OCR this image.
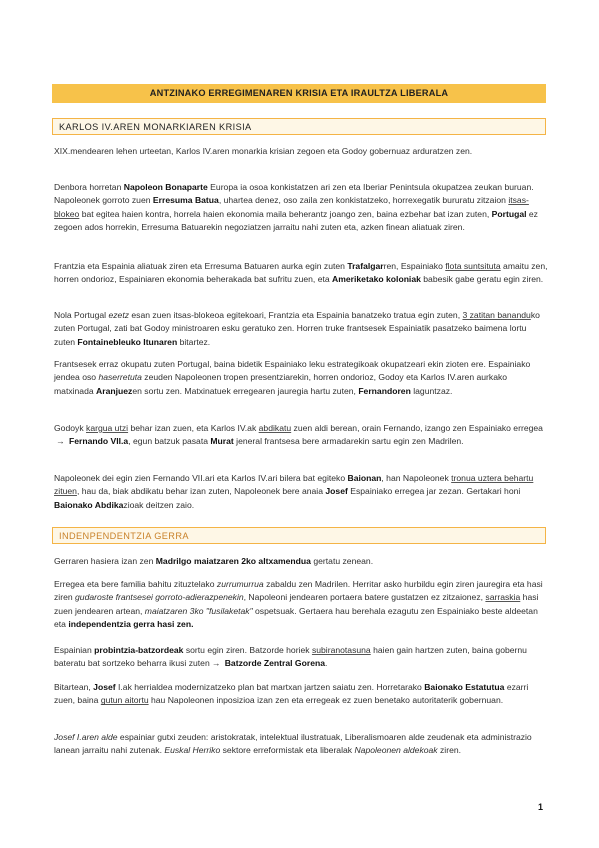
ANTZINAKO ERREGIMENAREN KRISIA ETA IRAULTZA LIBERALA
KARLOS IV.AREN MONARKIAREN KRISIA

XIX.mendearen lehen urteetan, Karlos IV.aren monarkia krisian zegoen eta Godoy gobernuaz arduratzen zen.

Denbora horretan Napoleon Bonaparte Europa ia osoa konkistatzen ari zen eta Iberiar Penintsula okupatzea zeukan buruan. Napoleonek gorroto zuen Erresuma Batua, uhartea denez, oso zaila zen konkistatzeko, horrexegatik bururatu zitzaion itsas-blokeo bat egitea haien kontra, horrela haien ekonomia maila beherantz joango zen, baina ezbehar bat izan zuten, Portugal ez zegoen ados horrekin, Erresuma Batuarekin negoziatzen jarraitu nahi zuten eta, azken finean aliatuak ziren.

Frantzia eta Espainia aliatuak ziren eta Erresuma Batuaren aurka egin zuten Trafalgarren, Espainiako flota suntsituta amaitu zen, horren ondorioz, Espainiaren ekonomia beherakada bat sufritu zuen, eta Ameriketako koloniak babesik gabe geratu egin ziren.

Nola Portugal ezetz esan zuen itsas-blokeoa egitekoari, Frantzia eta Espainia banatzeko tratua egin zuten, 3 zatitan bananduko zuten Portugal, zati bat Godoy ministroaren esku geratuko zen. Horren truke frantsesek Espainiatik pasatzeko baimena lortu zuten Fontainebleuko Itunaren bitartez.

Frantsesek erraz okupatu zuten Portugal, baina bidetik Espainiako leku estrategikoak okupatzeari ekin zioten ere. Espainiako jendea oso haserretuta zeuden Napoleonen tropen presentziarekin, horren ondorioz, Godoy eta Karlos IV.aren aurkako matxinada Aranjuezen sortu zen. Matxinatuek erregearen jauregia hartu zuten, Fernandoren laguntzaz.

Godoyk kargua utzi behar izan zuen, eta Karlos IV.ak abdikatu zuen aldi berean, orain Fernando, izango zen Espainiako erregea → Fernando VII.a, egun batzuk pasata Murat jeneral frantsesa bere armadarekin sartu egin zen Madrilen.

Napoleonek dei egin zien Fernando VII.ari eta Karlos IV.ari bilera bat egiteko Baionan, han Napoleonek tronua uztera behartu zituen, hau da, biak abdikatu behar izan zuten, Napoleonek bere anaia Josef Espainiako erregea jar zezan. Gertakari honi Baionako Abdikazioak deitzen zaio.

INDENPENDENTZIA GERRA

Gerraren hasiera izan zen Madrilgo maiatzaren 2ko altxamendua gertatu zenean.

Erregea eta bere familia bahitu zituztelako zurrumurrua zabaldu zen Madrilen. Herritar asko hurbildu egin ziren jauregira eta hasi ziren gudaroste frantsesei gorroto-adierazpenekin, Napoleoni jendearen portaera batere gustatzen ez zitzaionez, sarraskia hasi zuen jendearen artean, maiatzaren 3ko "fusilaketak" ospetsuak. Gertaera hau berehala ezagutu zen Espainiako beste aldeetan eta independentzia gerra hasi zen.

Espainian probintzia-batzordeak sortu egin ziren. Batzorde horiek subiranotasuna haien gain hartzen zuten, baina gobernu bateratu bat sortzeko beharra ikusi zuten → Batzorde Zentral Gorena.

Bitartean, Josef I.ak herrialdea modernizatzeko plan bat martxan jartzen saiatu zen. Horretarako Baionako Estatutua ezarri zuen, baina gutun aitortu hau Napoleonen inposizioa izan zen eta erregeak ez zuen benetako autoritaterik gobernuan.

Josef I.aren alde espainiar gutxi zeuden: aristokratak, intelektual ilustratuak, Liberalismoaren alde zeudenak eta administrazio lanean jarraitu nahi zutenak. Euskal Herriko sektore erreformistak eta liberalak Napoleonen aldekoak ziren.

1
